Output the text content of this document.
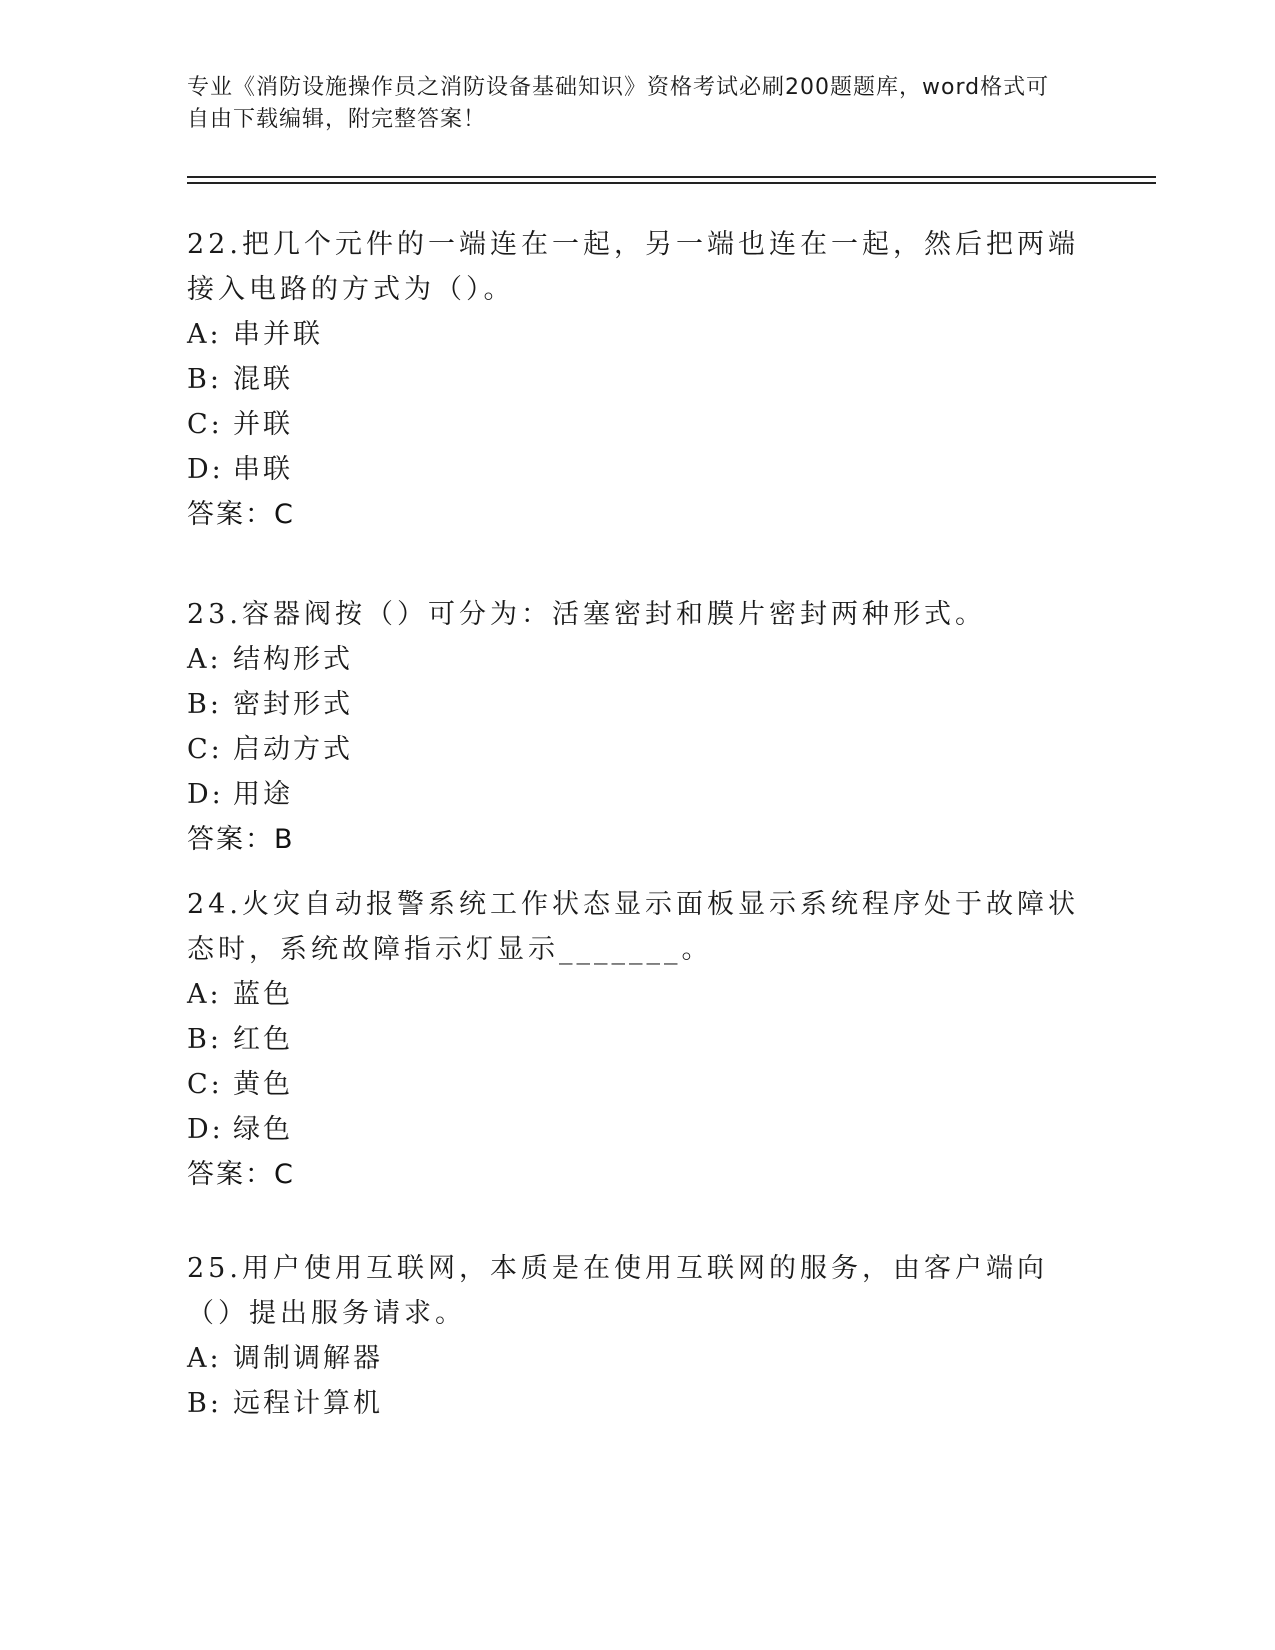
专业《消防设施操作员之消防设备基础知识》资格考试必刷200题题库，word格式可自由下载编辑，附完整答案！

22.把几个元件的一端连在一起，另一端也连在一起，然后把两端接入电路的方式为（）。

A: 串并联
B: 混联
C: 并联
D: 串联
答案：C

23.容器阀按（）可分为：活塞密封和膜片密封两种形式。

A: 结构形式
B: 密封形式
C: 启动方式
D: 用途
答案：B

24.火灾自动报警系统工作状态显示面板显示系统程序处于故障状态时，系统故障指示灯显示_______。

A: 蓝色
B: 红色
C: 黄色
D: 绿色
答案：C

25.用户使用互联网，本质是在使用互联网的服务，由客户端向（）提出服务请求。

A: 调制调解器
B: 远程计算机
